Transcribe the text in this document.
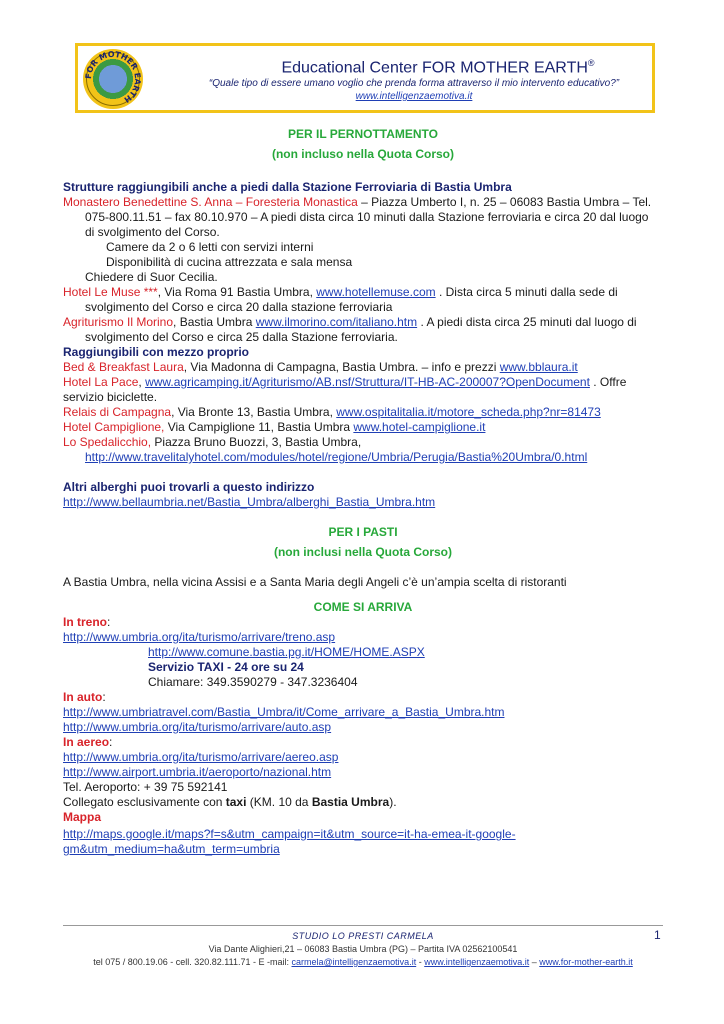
FOR MOTHER EARTH
Educational Center FOR MOTHER EARTH®
“Quale tipo di essere umano voglio che prenda forma attraverso il mio intervento educativo?”
www.intelligenzaemotiva.it
PER IL PERNOTTAMENTO
(non incluso nella Quota Corso)
Strutture raggiungibili anche a piedi dalla Stazione Ferroviaria di Bastia Umbra
Monastero Benedettine S. Anna – Foresteria Monastica – Piazza Umberto I, n. 25 – 06083 Bastia Umbra – Tel.
075-800.11.51 – fax 80.10.970 – A piedi dista circa 10 minuti dalla Stazione ferroviaria e circa 20 dal luogo
di svolgimento del Corso.
Camere da 2 o 6 letti con servizi interni
Disponibilità di cucina attrezzata e sala mensa
Chiedere di Suor Cecilia.
Hotel Le Muse ***, Via Roma 91 Bastia Umbra, www.hotellemuse.com . Dista circa 5 minuti dalla sede di
svolgimento del Corso e circa 20 dalla stazione ferroviaria
Agriturismo Il Morino, Bastia Umbra www.ilmorino.com/italiano.htm . A piedi dista circa 25 minuti dal luogo di
svolgimento del Corso e circa 25 dalla Stazione ferroviaria.
Raggiungibili con mezzo proprio
Bed & Breakfast Laura, Via Madonna di Campagna, Bastia Umbra. – info e prezzi www.bblaura.it
Hotel La Pace, www.agricamping.it/Agriturismo/AB.nsf/Struttura/IT-HB-AC-200007?OpenDocument . Offre
servizio biciclette.
Relais di Campagna, Via Bronte 13, Bastia Umbra, www.ospitalitalia.it/motore_scheda.php?nr=81473
Hotel Campiglione, Via Campiglione 11, Bastia Umbra www.hotel-campiglione.it
Lo Spedalicchio, Piazza Bruno Buozzi, 3, Bastia Umbra,
http://www.travelitalyhotel.com/modules/hotel/regione/Umbria/Perugia/Bastia%20Umbra/0.html
Altri alberghi puoi trovarli a questo indirizzo
http://www.bellaumbria.net/Bastia_Umbra/alberghi_Bastia_Umbra.htm
PER I PASTI
(non inclusi nella Quota Corso)
A Bastia Umbra, nella vicina Assisi e a Santa Maria degli Angeli c’è un’ampia scelta di ristoranti
COME SI ARRIVA
In treno:
http://www.umbria.org/ita/turismo/arrivare/treno.asp
http://www.comune.bastia.pg.it/HOME/HOME.ASPX
Servizio TAXI - 24 ore su 24
Chiamare: 349.3590279 - 347.3236404
In auto:
http://www.umbriatravel.com/Bastia_Umbra/it/Come_arrivare_a_Bastia_Umbra.htm
http://www.umbria.org/ita/turismo/arrivare/auto.asp
In aereo:
http://www.umbria.org/ita/turismo/arrivare/aereo.asp
http://www.airport.umbria.it/aeroporto/nazional.htm
Tel. Aeroporto: + 39 75 592141
Collegato esclusivamente con taxi (KM. 10 da Bastia Umbra).
Mappa
http://maps.google.it/maps?f=s&utm_campaign=it&utm_source=it-ha-emea-it-google-
gm&utm_medium=ha&utm_term=umbria
STUDIO LO PRESTI CARMELA	1
Via Dante Alighieri,21 – 06083 Bastia Umbra (PG) – Partita IVA 02562100541
tel 075 / 800.19.06 - cell. 320.82.111.71 - E -mail: carmela@intelligenzaemotiva.it - www.intelligenzaemotiva.it – www.for-mother-earth.it
